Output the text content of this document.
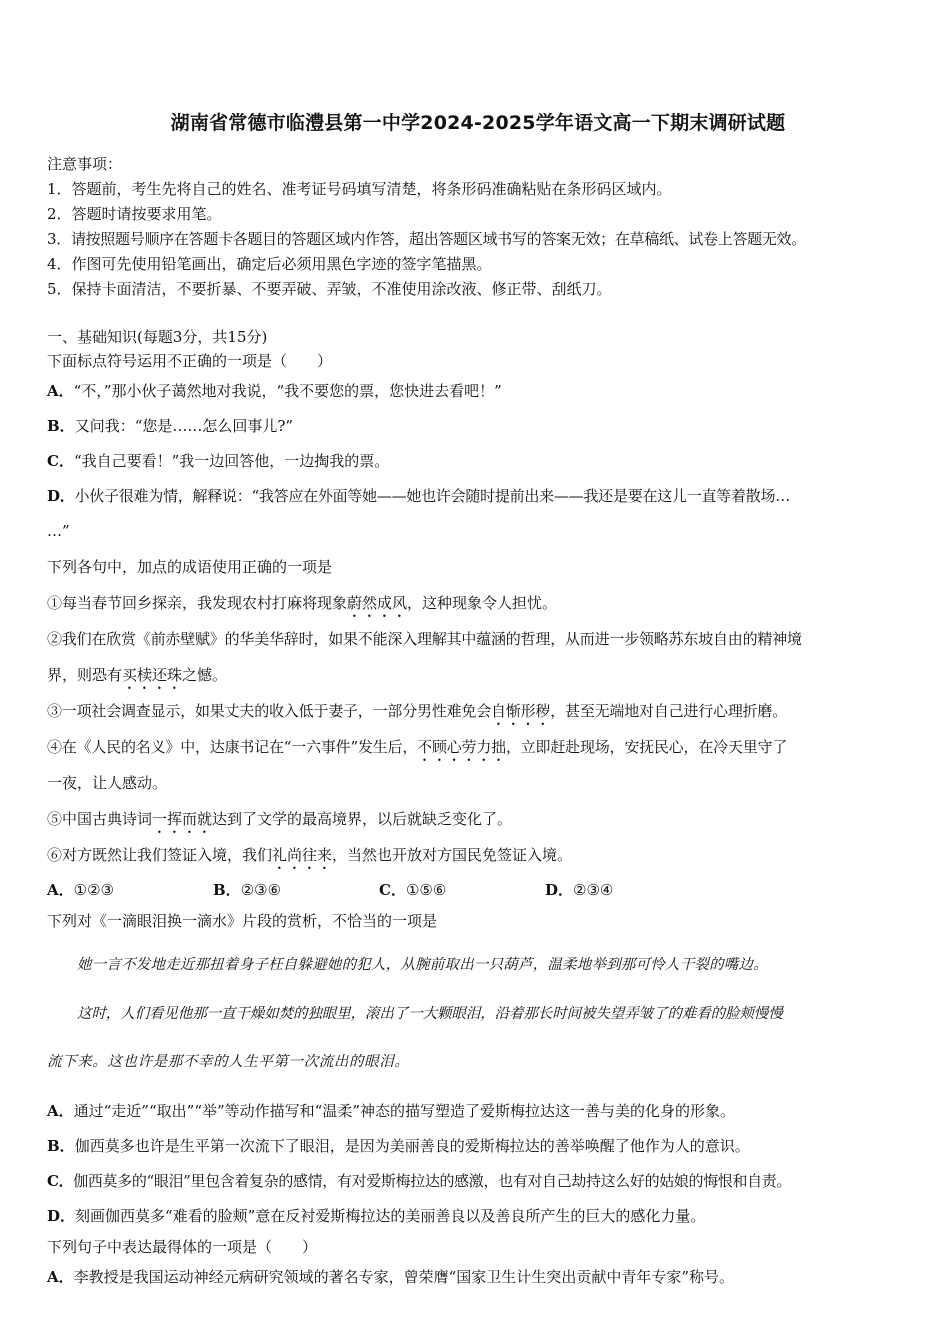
湖南省常德市临澧县第一中学2024-2025学年语文高一下期末调研试题

注意事项：

1．答题前，考生先将自己的姓名、准考证号码填写清楚，将条形码准确粘贴在条形码区域内。

2．答题时请按要求用笔。

3．请按照题号顺序在答题卡各题目的答题区域内作答，超出答题区域书写的答案无效；在草稿纸、试卷上答题无效。

4．作图可先使用铅笔画出，确定后必须用黑色字迹的签字笔描黑。

5．保持卡面清洁，不要折暴、不要弄破、弄皱，不准使用涂改液、修正带、刮纸刀。

一、基础知识(每题3分，共15分)

下面标点符号运用不正确的一项是（　　）

A．“不，”那小伙子蔼然地对我说，“我不要您的票，您快进去看吧！”

B．又问我：“您是……怎么回事儿?”

C．“我自己要看！”我一边回答他，一边掏我的票。

D．小伙子很难为情，解释说：“我答应在外面等她——她也许会随时提前出来——我还是要在这儿一直等着散场…

…”

下列各句中，加点的成语使用正确的一项是

①每当春节回乡探亲，我发现农村打麻将现象蔚然成风，这种现象令人担忧。

②我们在欣赏《前赤壁赋》的华美华辞时，如果不能深入理解其中蕴涵的哲理，从而进一步领略苏东坡自由的精神境

界，则恐有买椟还珠之憾。

③一项社会调查显示，如果丈夫的收入低于妻子，一部分男性难免会自惭形秽，甚至无端地对自己进行心理折磨。

④在《人民的名义》中，达康书记在“一六事件”发生后，不顾心劳力拙，立即赶赴现场，安抚民心，在冷天里守了

一夜，让人感动。

⑤中国古典诗词一挥而就达到了文学的最高境界，以后就缺乏变化了。

⑥对方既然让我们签证入境，我们礼尚往来，当然也开放对方国民免签证入境。

A．①②③	B．②③⑥	C．①⑤⑥	D．②③④

下列对《一滴眼泪换一滴水》片段的赏析，不恰当的一项是

她一言不发地走近那扭着身子枉自躲避她的犯人，从腕前取出一只葫芦，温柔地举到那可怜人干裂的嘴边。

这时，人们看见他那一直干燥如焚的独眼里，滚出了一大颗眼泪，沿着那长时间被失望弄皱了的难看的脸颊慢慢

流下来。这也许是那不幸的人生平第一次流出的眼泪。

A．通过“走近”“取出”“举”等动作描写和“温柔”神态的描写塑造了爱斯梅拉达这一善与美的化身的形象。

B．伽西莫多也许是生平第一次流下了眼泪，是因为美丽善良的爱斯梅拉达的善举唤醒了他作为人的意识。

C．伽西莫多的“眼泪”里包含着复杂的感情，有对爱斯梅拉达的感激，也有对自己劫持这么好的姑娘的悔恨和自责。

D．刻画伽西莫多“难看的脸颊”意在反衬爱斯梅拉达的美丽善良以及善良所产生的巨大的感化力量。

下列句子中表达最得体的一项是（　　）

A．李教授是我国运动神经元病研究领域的著名专家，曾荣膺“国家卫生计生突出贡献中青年专家”称号。
